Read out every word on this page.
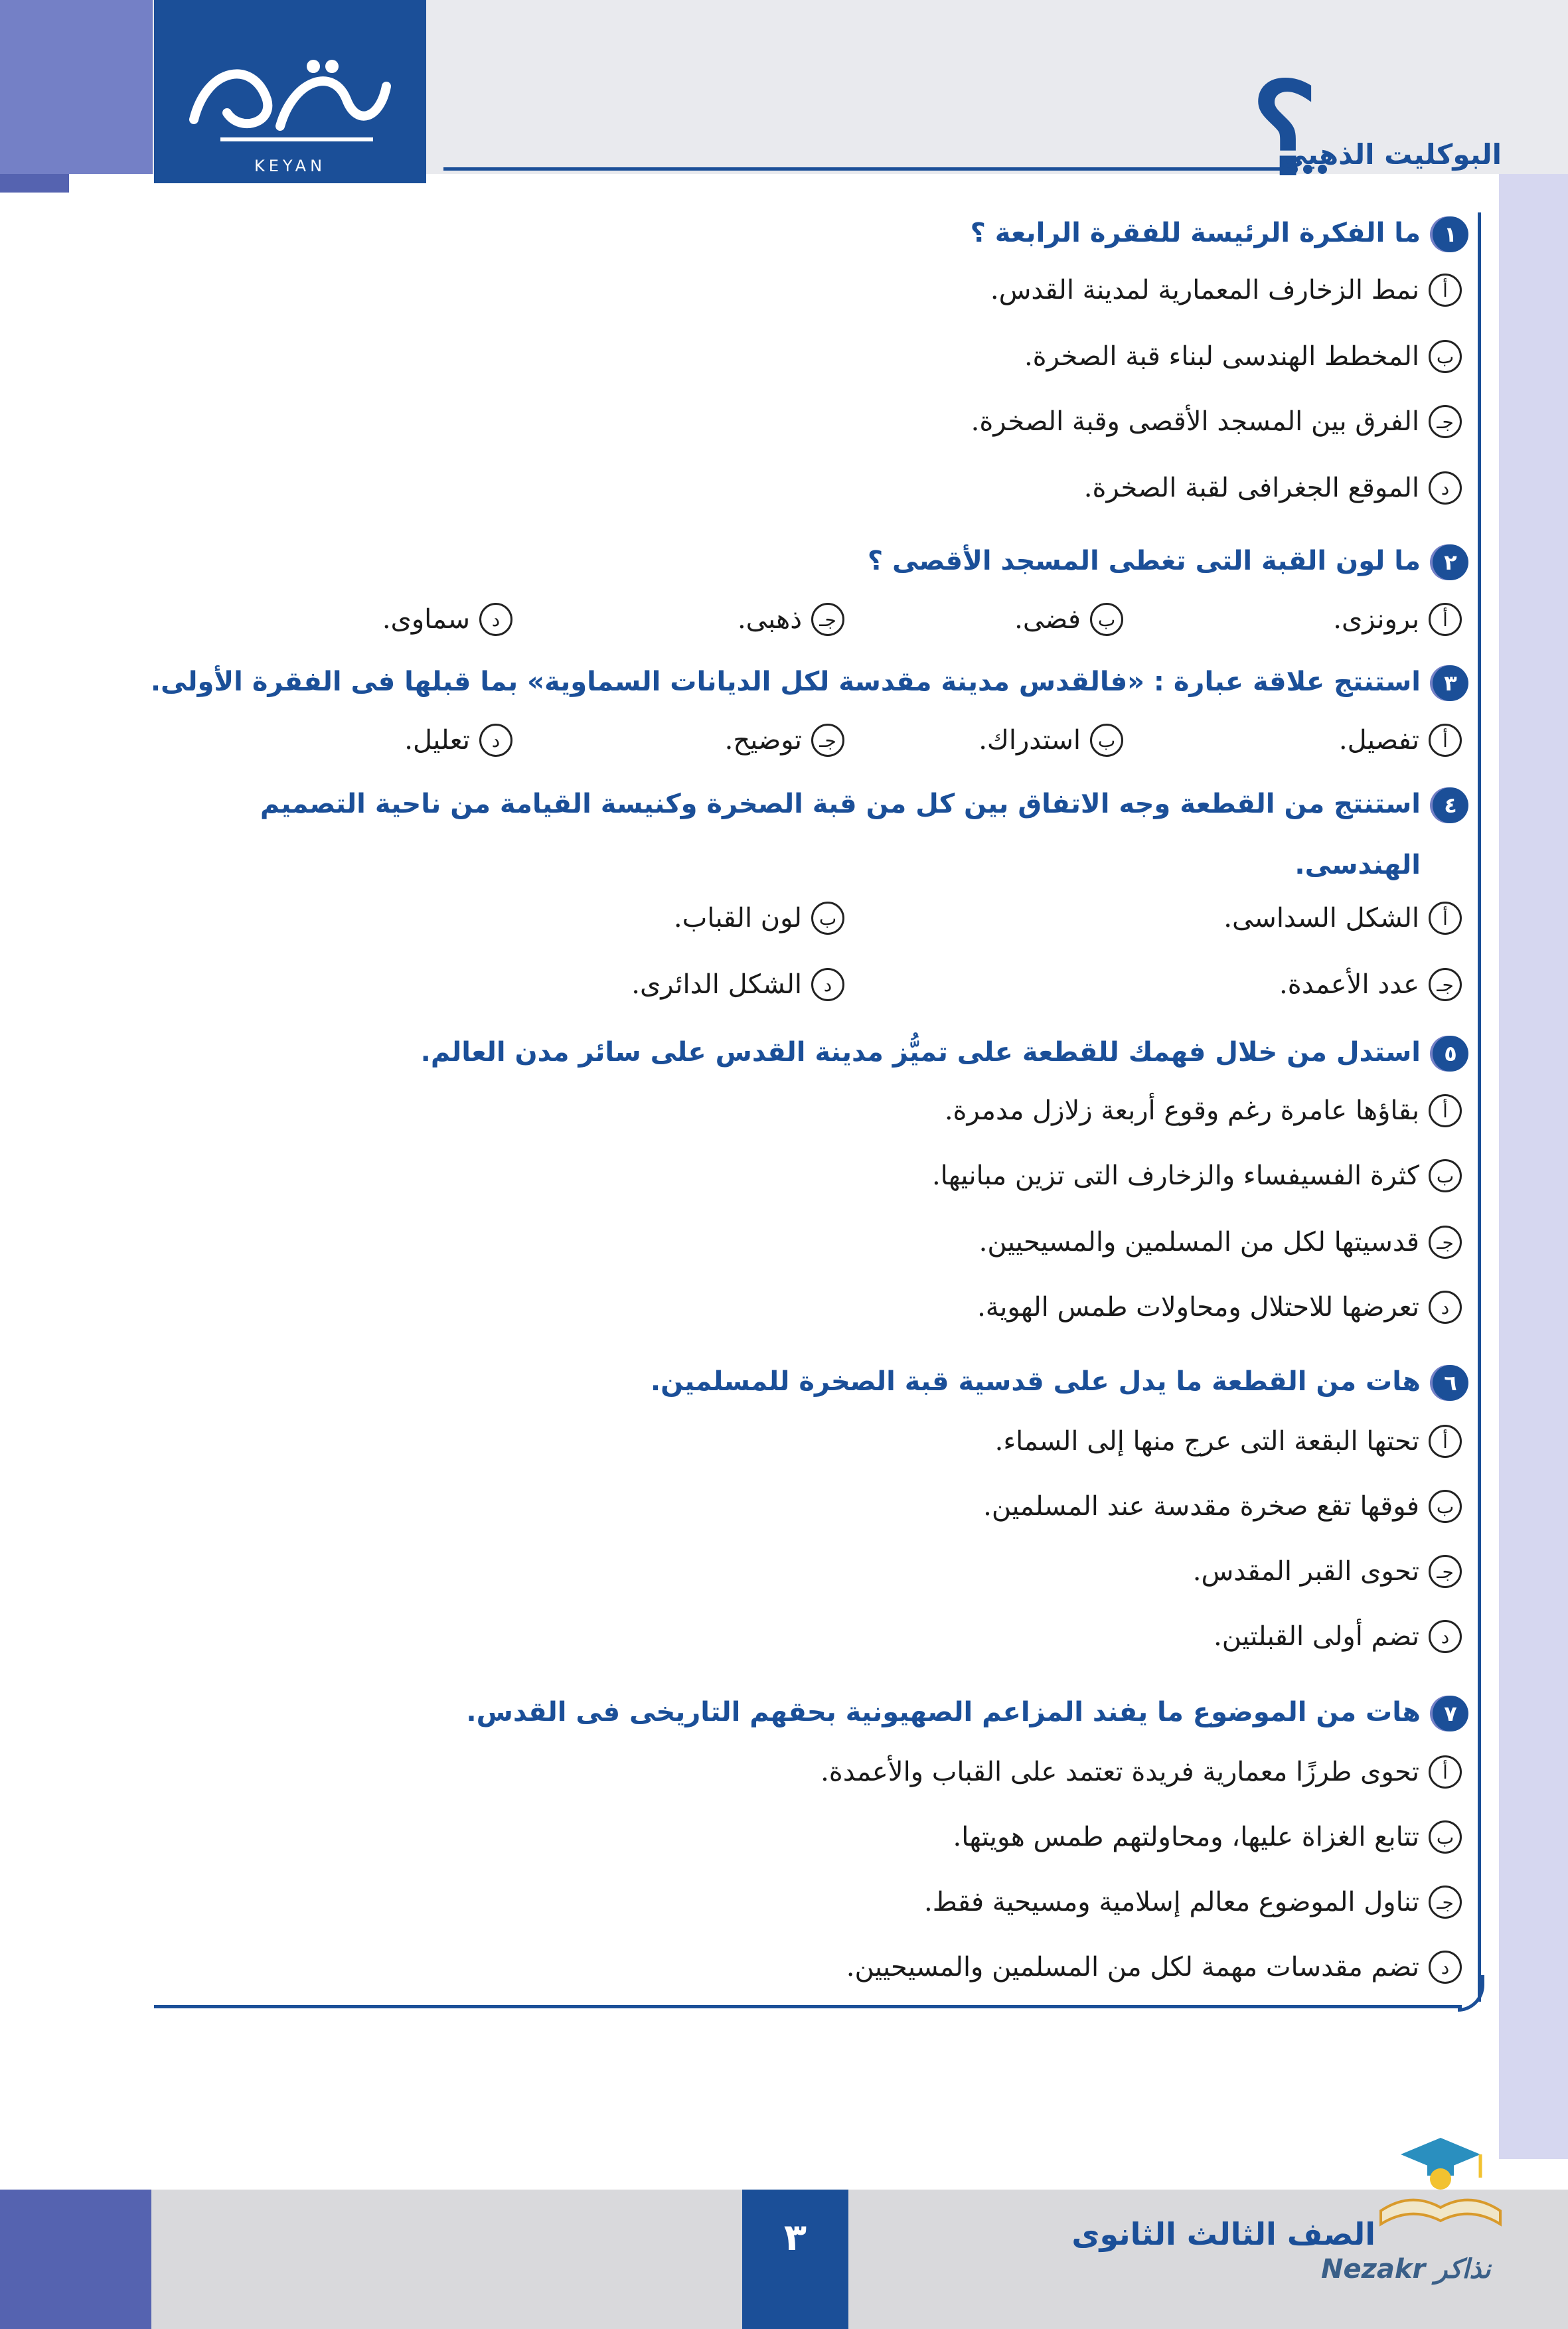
KEYAN	؟
البوكليت الذهبى
١
ما الفكرة الرئيسة للفقرة الرابعة ؟
أ
نمط الزخارف المعمارية لمدينة القدس.
ب
المخطط الهندسى لبناء قبة الصخرة.
جـ
الفرق بين المسجد الأقصى وقبة الصخرة.
د
الموقع الجغرافى لقبة الصخرة.
٢
ما لون القبة التى تغطى المسجد الأقصى ؟
أ
برونزى.
ب
فضى.
جـ
ذهبى.
د
سماوى.
٣
استنتج علاقة عبارة : «فالقدس مدينة مقدسة لكل الديانات السماوية» بما قبلها فى الفقرة الأولى.
أ
تفصيل.
ب
استدراك.
جـ
توضيح.
د
تعليل.
٤
استنتج من القطعة وجه الاتفاق بين كل من قبة الصخرة وكنيسة القيامة من ناحية التصميم
الهندسى.
أ
الشكل السداسى.
ب
لون القباب.
جـ
عدد الأعمدة.
د
الشكل الدائرى.
٥
استدل من خلال فهمك للقطعة على تميُّز مدينة القدس على سائر مدن العالم.
أ
بقاؤها عامرة رغم وقوع أربعة زلازل مدمرة.
ب
كثرة الفسيفساء والزخارف التى تزين مبانيها.
جـ
قدسيتها لكل من المسلمين والمسيحيين.
د
تعرضها للاحتلال ومحاولات طمس الهوية.
٦
هات من القطعة ما يدل على قدسية قبة الصخرة للمسلمين.
أ
تحتها البقعة التى عرج منها إلى السماء.
ب
فوقها تقع صخرة مقدسة عند المسلمين.
جـ
تحوى القبر المقدس.
د
تضم أولى القبلتين.
٧
هات من الموضوع ما يفند المزاعم الصهيونية بحقهم التاريخى فى القدس.
أ
تحوى طرزًا معمارية فريدة تعتمد على القباب والأعمدة.
ب
تتابع الغزاة عليها، ومحاولتهم طمس هويتها.
جـ
تناول الموضوع معالم إسلامية ومسيحية فقط.
د
تضم مقدسات مهمة لكل من المسلمين والمسيحيين.
٣	الصف الثالث الثانوى
Nezakr نذاكر
